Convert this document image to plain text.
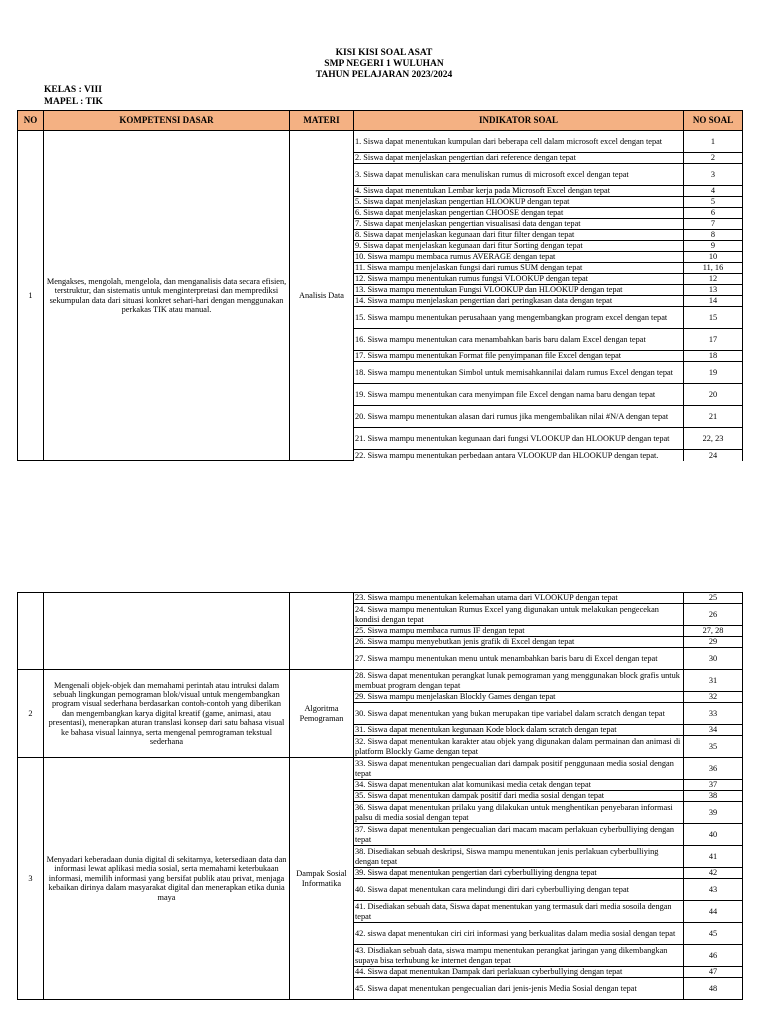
KISI KISI SOAL ASAT
SMP NEGERI 1 WULUHAN
TAHUN PELAJARAN 2023/2024
KELAS : VIII
MAPEL : TIK
NO	KOMPETENSI DASAR	MATERI	INDIKATOR SOAL	NO SOAL
1	Mengakses, mengolah, mengelola, dan menganalisis data secara efisien, terstruktur, dan sistematis untuk menginterpretasi dan memprediksi sekumpulan data dari situasi konkret sehari-hari dengan menggunakan perkakas TIK atau manual.	Analisis Data	1. Siswa dapat menentukan kumpulan dari beberapa cell dalam microsoft excel dengan tepat	1
			2. Siswa dapat menjelaskan pengertian dari reference dengan tepat	2
			3. Siswa dapat menuliskan cara menuliskan rumus di microsoft excel dengan tepat	3
			4. Siswa dapat menentukan Lembar kerja pada Microsoft Excel dengan tepat	4
			5. Siswa dapat menjelaskan pengertian HLOOKUP dengan tepat	5
			6. Siswa dapat menjelaskan pengertian CHOOSE dengan tepat	6
			7. Siswa dapat menjelaskan pengertian visualisasi data dengan tepat	7
			8. Siswa dapat menjelaskan kegunaan dari fitur filter dengan tepat	8
			9. Siswa dapat menjelaskan kegunaan dari fitur Sorting dengan tepat	9
			10. Siswa mampu membaca rumus AVERAGE dengan tepat	10
			11. Siswa mampu menjelaskan fungsi dari rumus SUM dengan tepat	11, 16
			12. Siswa mampu menentukan rumus fungsi VLOOKUP dengan tepat	12
			13. Siswa mampu menentukan Fungsi VLOOKUP dan HLOOKUP dengan tepat	13
			14. Siswa mampu menjelaskan pengertian dari peringkasan data dengan tepat	14
			15. Siswa mampu menentukan perusahaan yang mengembangkan program excel dengan tepat	15
			16. Siswa mampu menentukan cara menambahkan baris baru dalam Excel dengan tepat	17
			17. Siswa mampu menentukan Format file penyimpanan file Excel dengan tepat	18
			18. Siswa mampu menentukan Simbol untuk memisahkannilai dalam rumus Excel dengan tepat	19
			19. Siswa mampu menentukan cara menyimpan file Excel dengan nama baru dengan tepat	20
			20. Siswa mampu menentukan alasan dari rumus jika mengembalikan nilai #N/A dengan tepat	21
			21. Siswa mampu menentukan kegunaan dari fungsi VLOOKUP dan HLOOKUP dengan tepat	22, 23
			22. Siswa mampu menentukan perbedaan antara VLOOKUP dan HLOOKUP dengan tepat.	24
			23. Siswa mampu menentukan kelemahan utama dari VLOOKUP dengan tepat	25
			24. Siswa mampu menentukan Rumus Excel yang digunakan untuk melakukan pengecekan kondisi dengan tepat	26
			25. Siswa mampu membaca rumus IF dengan tepat	27, 28
			26. Siswa mampu menyebutkan jenis grafik di Excel dengan tepat	29
			27. Siswa mampu menentukan menu untuk menambahkan baris baru di Excel dengan tepat	30
2	Mengenali objek-objek dan memahami perintah atau intruksi dalam sebuah lingkungan pemograman blok/visual untuk mengembangkan program visual sederhana berdasarkan contoh-contoh yang diberikan dan mengembangkan karya digital kreatif (game, animasi, atau presentasi), menerapkan aturan translasi konsep dari satu bahasa visual ke bahasa visual lainnya, serta mengenal pemrograman tekstual sederhana	Algoritma Pemograman	28. Siswa dapat menentukan perangkat lunak pemograman yang menggunakan block grafis untuk membuat program dengan tepat	31
			29. Siswa mampu menjelaskan Blockly Games dengan tepat	32
			30. Siswa dapat menentukan yang bukan merupakan tipe variabel dalam scratch dengan tepat	33
			31. Siswa dapat menentukan kegunaan Kode block dalam scratch dengan tepat	34
			32. Siswa dapat menentukan karakter atau objek yang digunakan dalam permainan dan animasi di platform Blockly Game dengan tepat	35
3	Menyadari keberadaan dunia digital di sekitarnya, ketersediaan data dan informasi lewat aplikasi media sosial, serta memahami keterbukaan informasi, memilih informasi yang bersifat publik atau privat, menjaga kebaikan dirinya dalam masyarakat digital dan menerapkan etika dunia maya	Dampak Sosial Informatika	33. Siswa dapat menentukan pengecualian dari dampak positif penggunaan media sosial dengan tepat	36
			34. Siswa dapat menentukan alat komunikasi media cetak dengan tepat	37
			35. Siswa dapat menentukan dampak positif dari media sosial dengan tepat	38
			36. Siswa dapat menentukan prilaku yang dilakukan untuk menghentikan penyebaran informasi palsu di media sosial dengan tepat	39
			37. Siswa dapat menentukan pengecualian dari macam macam perlakuan cyberbulliying dengan tepat	40
			38. Disediakan sebuah deskripsi, Siswa mampu menentukan jenis perlakuan cyberbulliying dengan tepat	41
			39. Siswa dapat menentukan pengertian dari cyberbulliying dengna tepat	42
			40. Siswa dapat menentukan cara melindungi diri dari cyberbulliying dengan tepat	43
			41. Disediakan sebuah data, Siswa dapat menentukan yang termasuk dari media sosoila dengan tepat	44
			42. siswa dapat menentukan ciri ciri informasi yang berkualitas dalam media sosial dengan tepat	45
			43. Disdiakan sebuah data, siswa mampu menentukan perangkat jaringan yang dikembangkan supaya bisa terhubung ke internet dengan tepat	46
			44. Siswa dapat menentukan Dampak dari perlakuan cyberbullying dengan tepat	47
			45. Siswa dapat menentukan pengecualian dari jenis-jenis Media Sosial dengan tepat	48
